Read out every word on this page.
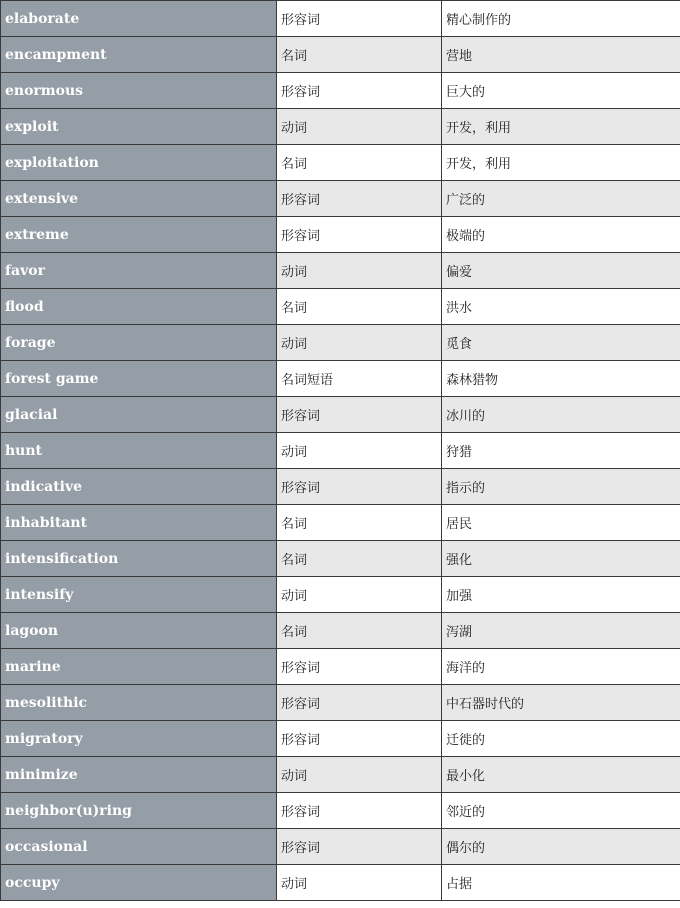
elaborate	形容词	精心制作的
encampment	名词	营地
enormous	形容词	巨大的
exploit	动词	开发，利用
exploitation	名词	开发，利用
extensive	形容词	广泛的
extreme	形容词	极端的
favor	动词	偏爱
flood	名词	洪水
forage	动词	觅食
forest game	名词短语	森林猎物
glacial	形容词	冰川的
hunt	动词	狩猎
indicative	形容词	指示的
inhabitant	名词	居民
intensification	名词	强化
intensify	动词	加强
lagoon	名词	泻湖
marine	形容词	海洋的
mesolithic	形容词	中石器时代的
migratory	形容词	迁徙的
minimize	动词	最小化
neighbor(u)ring	形容词	邻近的
occasional	形容词	偶尔的
occupy	动词	占据
